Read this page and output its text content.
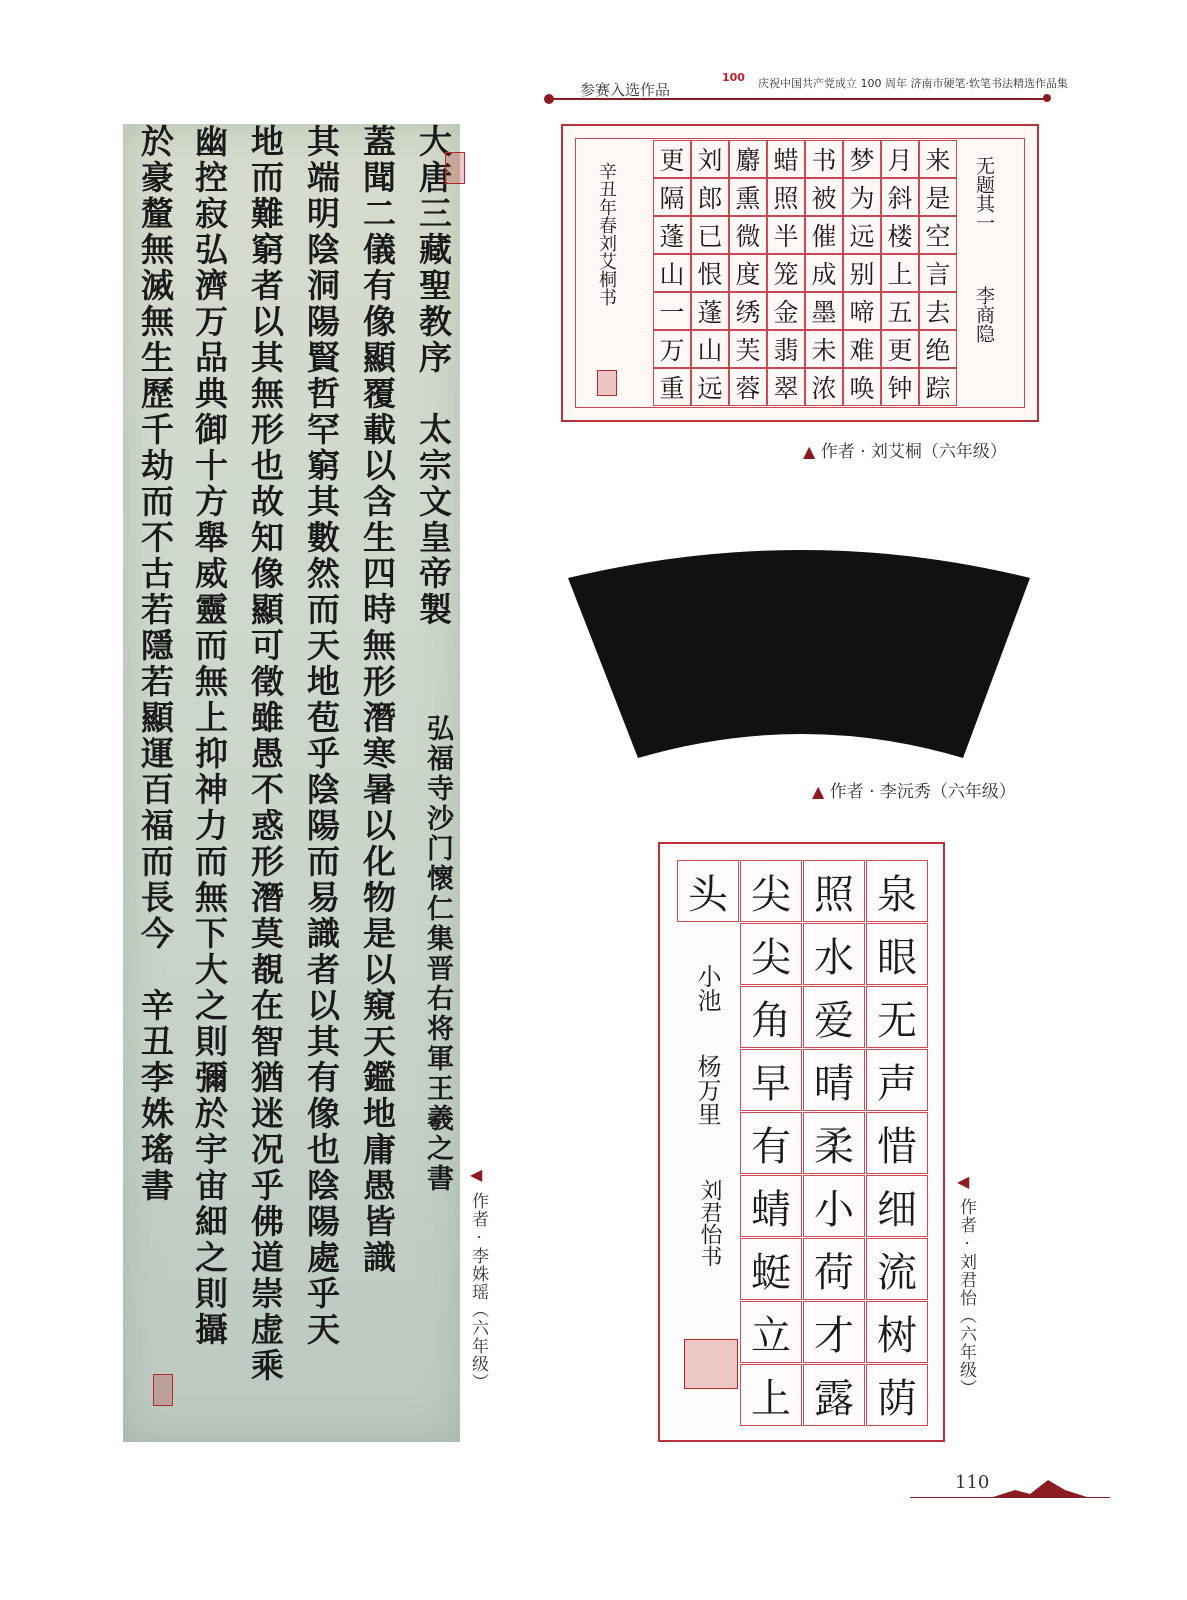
参赛入选作品
100 庆祝中国共产党成立 100 周年 济南市硬笔·软笔书法精选作品集
大唐三藏聖教序　太宗文皇帝製
弘福寺沙门懷仁集晋右将軍王羲之書
蓋聞二儀有像顯覆載以含生四時無形潛寒暑以化物是以窺天鑑地庸愚皆識
其端明陰洞陽賢哲罕窮其數然而天地苞乎陰陽而易識者以其有像也陰陽處乎天
地而難窮者以其無形也故知像顯可徵雖愚不惑形潛莫覩在智猶迷况乎佛道崇虚乘
幽控寂弘濟万品典御十方舉威靈而無上抑神力而無下大之則彌於宇宙細之則攝
於豪釐無滅無生歷千劫而不古若隱若顯運百福而長今　辛丑李姝瑤書	◀
作者 · 李姝瑶（六年级）
无题其一
李商隐
来
是
空
言
去
绝
踪
月
斜
楼
上
五
更
钟
梦
为
远
别
啼
难
唤
书
被
催
成
墨
未
浓
蜡
照
半
笼
金
翡
翠
麝
熏
微
度
绣
芙
蓉
刘
郎
已
恨
蓬
山
远
更
隔
蓬
山
一
万
重
辛丑年春刘艾桐书
▲ 作者 · 刘艾桐（六年级）
▲ 作者 · 李沅秀（六年级）
泉
眼
无
声
惜
细
流
树
荫
照
水
爱
晴
柔
小
荷
才
露
尖
尖
角
早
有
蜻
蜓
立
上
头
小池
杨万里
刘君怡书	◀
作者 · 刘君怡（六年级）
110
